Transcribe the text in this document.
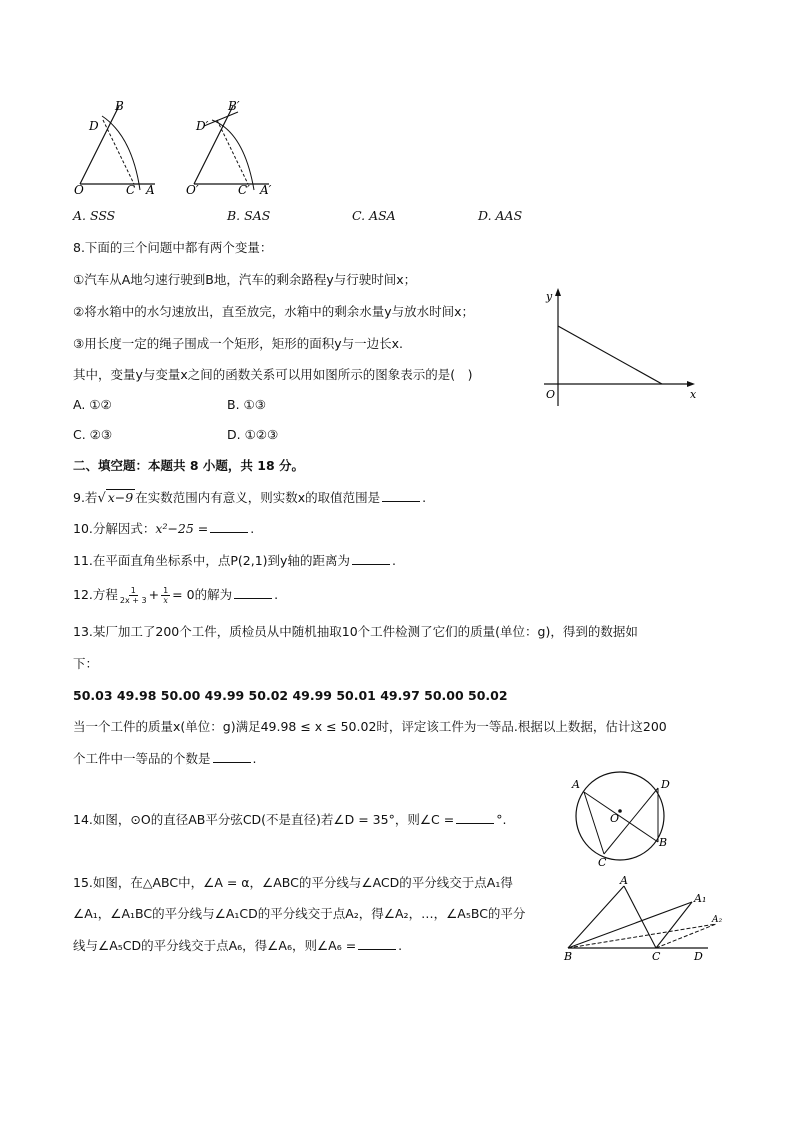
B
D
O	C A
B′
D′
O′	C′ A′
A. SSS	B. SAS	C. ASA	D. AAS
8.下面的三个问题中都有两个变量：
①汽车从A地匀速行驶到B地，汽车的剩余路程y与行驶时间x；
②将水箱中的水匀速放出，直至放完，水箱中的剩余水量y与放水时间x；
③用长度一定的绳子围成一个矩形，矩形的面积y与一边长x.
其中，变量y与变量x之间的函数关系可以用如图所示的图象表示的是(　)
A. ①②	B. ①③
C. ②③	D. ①②③
y
x
O
二、填空题：本题共 8 小题，共 18 分。
9.若√ x−9 在实数范围内有意义，则实数x的取值范围是	.
10.分解因式：x²−25 =	.
11.在平面直角坐标系中，点P(2,1)到y轴的距离为	.
12.方程 $\frac{1}{2x + 3} + \frac{1}{x} = 0$的解为	.
13.某厂加工了200个工件，质检员从中随机抽取10个工件检测了它们的质量(单位：g)，得到的数据如
下：
50.03 49.98 50.00 49.99 50.02 49.99 50.01 49.97 50.00 50.02
当一个工件的质量x(单位：g)满足49.98 ≤ x ≤ 50.02时，评定该工件为一等品.根据以上数据，估计这200
个工件中一等品的个数是	.
14.如图，⊙O的直径AB平分弦CD(不是直径)若∠D = 35°，则∠C =	°.
A	D
O
B
C
15.如图，在△ABC中，∠A = α，∠ABC的平分线与∠ACD的平分线交于点A₁得
∠A₁，∠A₁BC的平分线与∠A₁CD的平分线交于点A₂，得∠A₂，…，∠A₅BC的平分
线与∠A₅CD的平分线交于点A₆，得∠A₆，则∠A₆ =	.
A
A₁
A₂
B	C	D
